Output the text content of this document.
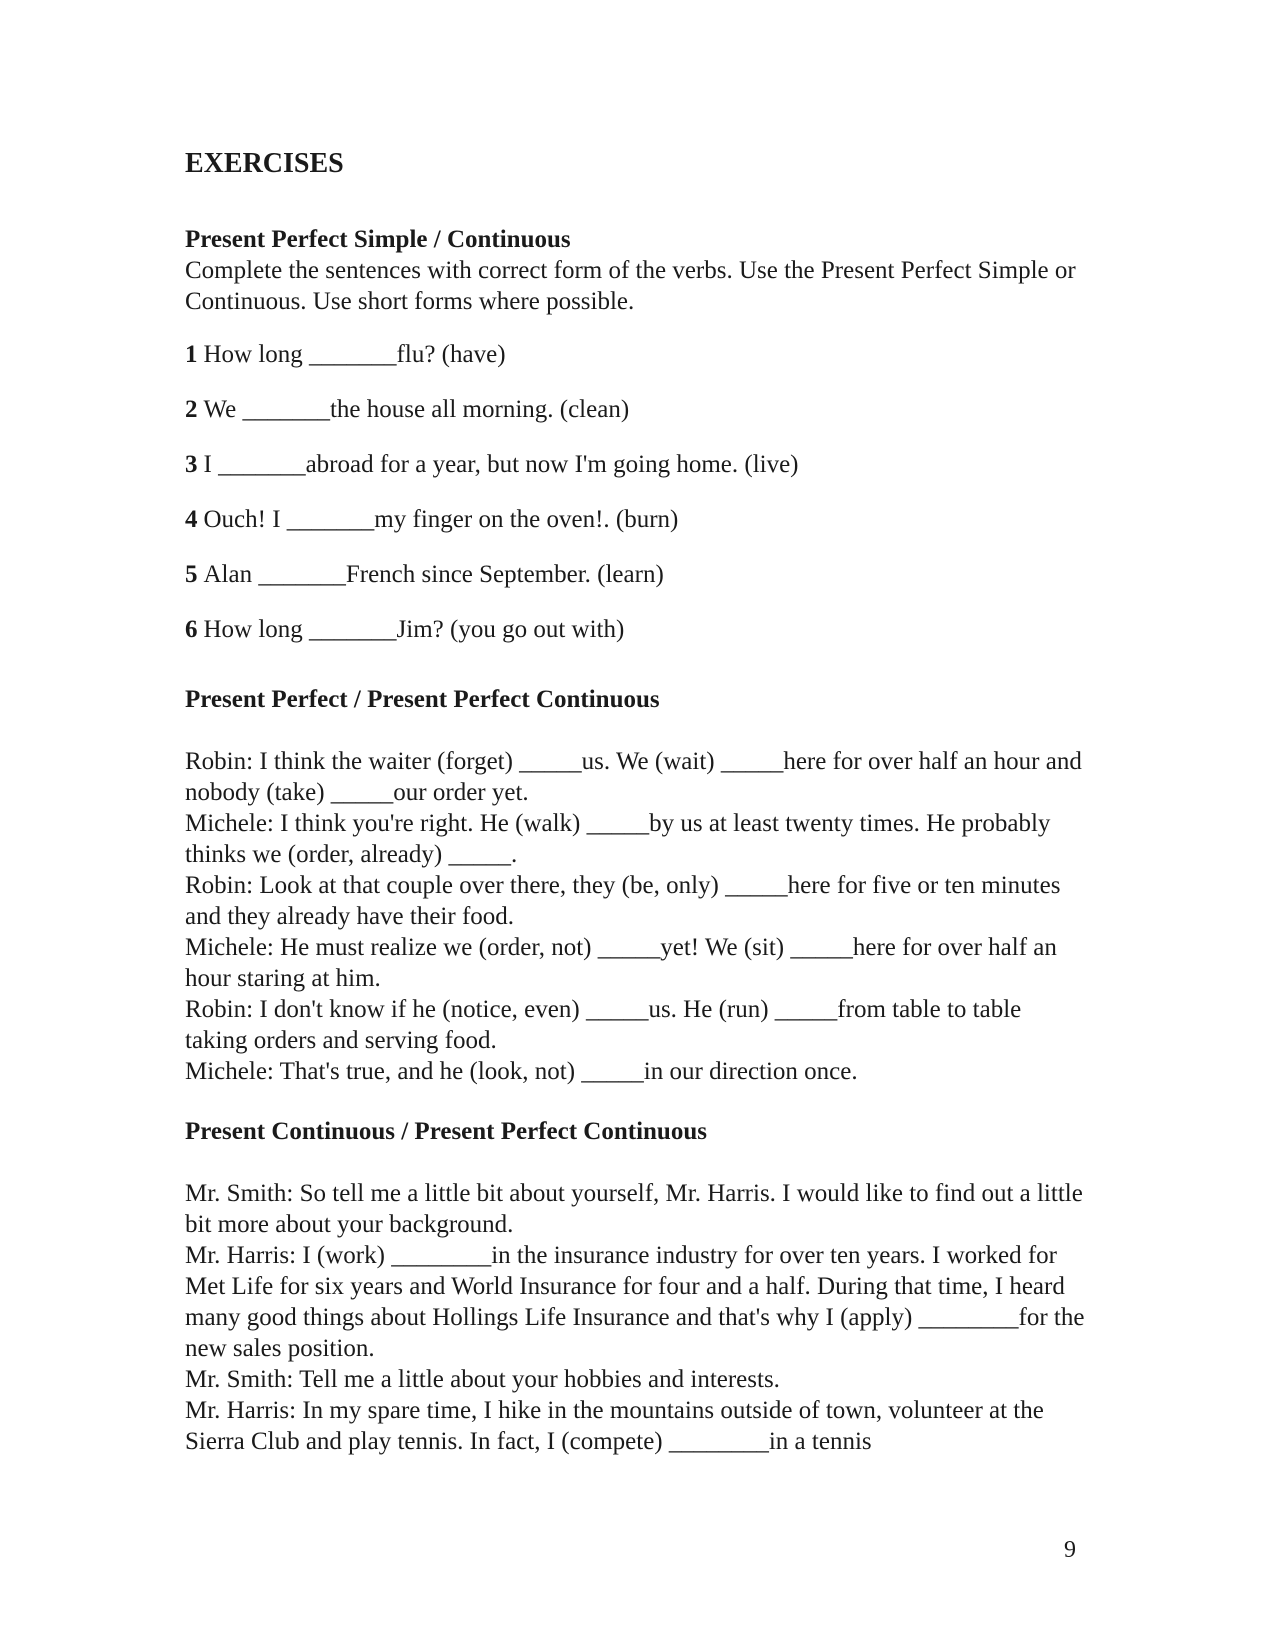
EXERCISES
Present Perfect Simple / Continuous

Complete the sentences with correct form of the verbs. Use the Present Perfect Simple or Continuous. Use short forms where possible.

1 How long _______flu? (have)
2 We _______the house all morning. (clean)
3 I _______abroad for a year, but now I'm going home. (live)
4 Ouch! I _______my finger on the oven!. (burn)
5 Alan _______French since September. (learn)
6 How long _______Jim? (you go out with)
Present Perfect / Present Perfect Continuous

Robin: I think the waiter (forget) _____us. We (wait) _____here for over half an hour and nobody (take) _____our order yet.

Michele: I think you're right. He (walk) _____by us at least twenty times. He probably thinks we (order, already) _____.

Robin: Look at that couple over there, they (be, only) _____here for five or ten minutes and they already have their food.

Michele: He must realize we (order, not) _____yet! We (sit) _____here for over half an hour staring at him.

Robin: I don't know if he (notice, even) _____us. He (run) _____from table to table taking orders and serving food.

Michele: That's true, and he (look, not) _____in our direction once.

Present Continuous / Present Perfect Continuous

Mr. Smith: So tell me a little bit about yourself, Mr. Harris. I would like to find out a little bit more about your background.

Mr. Harris: I (work) ________in the insurance industry for over ten years. I worked for Met Life for six years and World Insurance for four and a half. During that time, I heard many good things about Hollings Life Insurance and that's why I (apply) ________for the new sales position.

Mr. Smith: Tell me a little about your hobbies and interests.

Mr. Harris: In my spare time, I hike in the mountains outside of town, volunteer at the Sierra Club and play tennis. In fact, I (compete) ________in a tennis

9
